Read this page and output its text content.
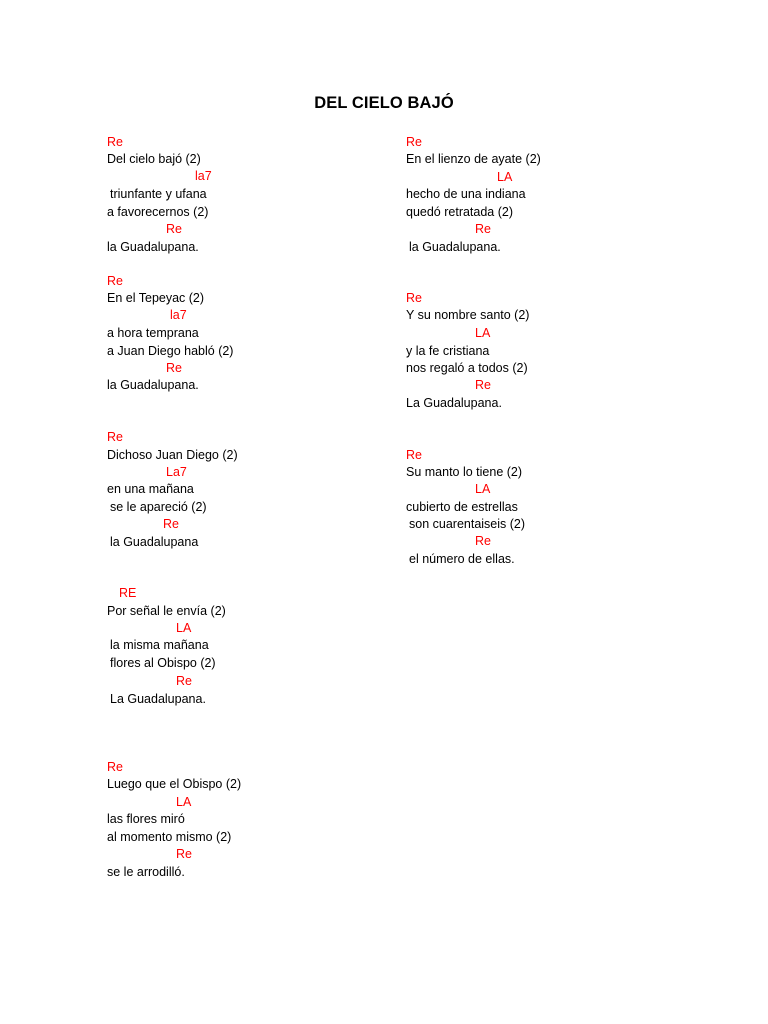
DEL CIELO BAJÓ
Re
Del cielo bajó (2)
la7
triunfante y ufana
a favorecernos (2)
Re
la Guadalupana.
Re
En el Tepeyac (2)
la7
a hora temprana
a Juan Diego habló (2)
Re
la Guadalupana.
Re
Dichoso Juan Diego (2)
La7
en una mañana
se le apareció (2)
Re
la Guadalupana
RE
Por señal le envía (2)
LA
la misma mañana
flores al Obispo (2)
Re
La Guadalupana.
Re
Luego que el Obispo (2)
LA
las flores miró
al momento mismo (2)
Re
se le arrodilló.
Re
En el lienzo de ayate (2)
LA
hecho de una indiana
quedó retratada (2)
Re
la Guadalupana.
Re
Y su nombre santo (2)
LA
y la fe cristiana
nos regaló a todos (2)
Re
La Guadalupana.
Re
Su manto lo tiene (2)
LA
cubierto de estrellas
son cuarentaiseis (2)
Re
el número de ellas.
